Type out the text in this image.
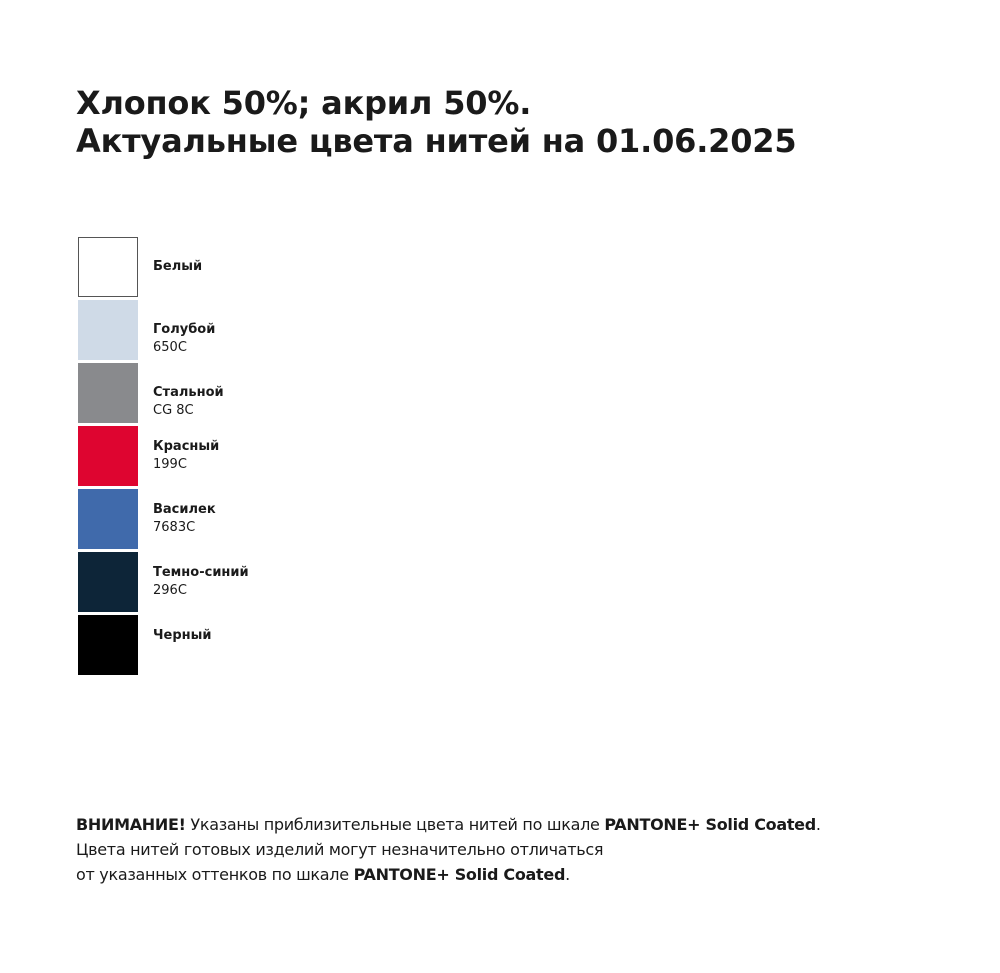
Хлопок 50%; акрил 50%.
Актуальные цвета нитей на 01.06.2025
Белый
Голубой
650C
Стальной
CG 8C
Красный
199C
Василек
7683C
Темно-синий
296C
Черный

ВНИМАНИЕ! Указаны приблизительные цвета нитей по шкале PANTONE+ Solid Coated.
Цвета нитей готовых изделий могут незначительно отличаться
от указанных оттенков по шкале PANTONE+ Solid Coated.
